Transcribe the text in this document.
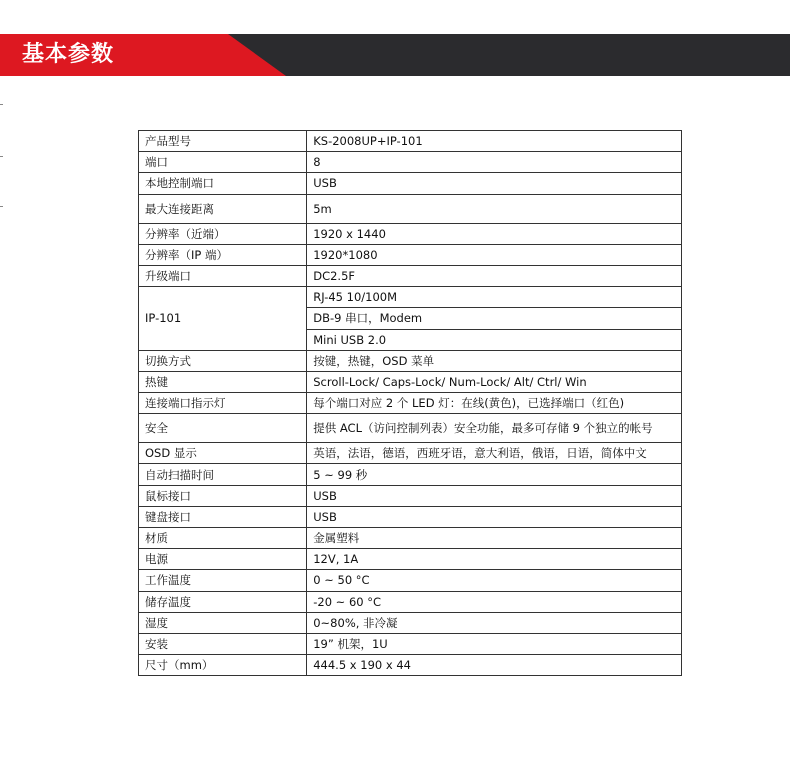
基本参数
产品型号	KS-2008UP+IP-101
端口	8
本地控制端口	USB
最大连接距离	5m
分辨率（近端）	1920 x 1440
分辨率（IP 端）	1920*1080
升级端口	DC2.5F
IP-101	RJ-45 10/100M
	DB-9 串口，Modem
	Mini USB 2.0
切换方式	按键，热键，OSD 菜单
热键	Scroll-Lock/ Caps-Lock/ Num-Lock/ Alt/ Ctrl/ Win
连接端口指示灯	每个端口对应 2 个 LED 灯：在线(黄色)，已选择端口（红色)
安全	提供 ACL（访问控制列表）安全功能，最多可存储 9 个独立的帐号
OSD 显示	英语，法语，德语，西班牙语，意大利语，俄语，日语，简体中文
自动扫描时间	5 ~ 99 秒
鼠标接口	USB
键盘接口	USB
材质	金属塑料
电源	12V, 1A
工作温度	0 ~ 50 °C
储存温度	-20 ~ 60 °C
湿度	0~80%, 非冷凝
安装	19” 机架，1U
尺寸（mm）	444.5 x 190 x 44
